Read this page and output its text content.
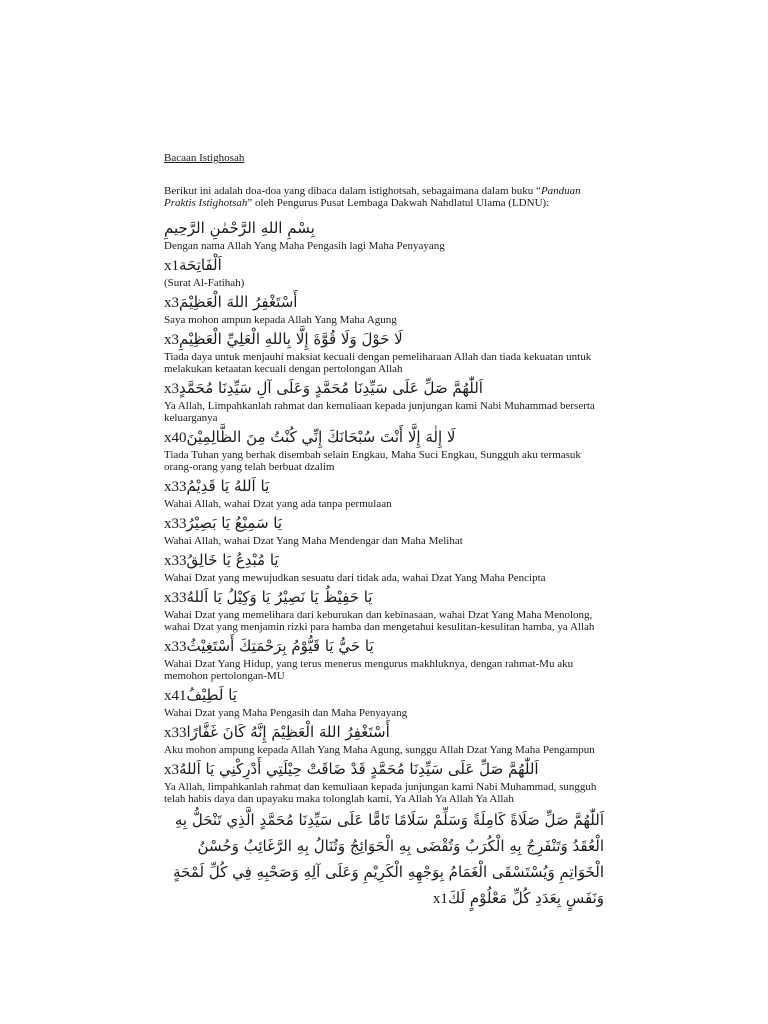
Bacaan Istighosah

Berikut ini adalah doa-doa yang dibaca dalam istighotsah, sebagaimana dalam buku “Panduan Praktis Istighotsah” oleh Pengurus Pusat Lembaga Dakwah Nahdlatul Ulama (LDNU):

بِسْمِ اللهِ الرَّحْمٰنِ الرَّحِيمِ

Dengan nama Allah Yang Maha Pengasih lagi Maha Penyayang

اَلْفَاتِحَةx1

(Surat Al-Fatihah)

أَسْتَغْفِرُ اللهَ الْعَظِيْمَx3

Saya mohon ampun kepada Allah Yang Maha Agung

لَا حَوْلَ وَلَا قُوَّةَ إِلَّا بِاللهِ الْعَلِيِّ الْعَظِيْمِx3

Tiada daya untuk menjauhi maksiat kecuali dengan pemeliharaan Allah dan tiada kekuatan untuk melakukan ketaatan kecuali dengan pertolongan Allah

اَللّٰهُمَّ صَلِّ عَلَى سَيِّدِنَا مُحَمَّدٍ وَعَلَى آلِ سَيِّدِنَا مُحَمَّدٍx3

Ya Allah, Limpahkanlah rahmat dan kemuliaan kepada junjungan kami Nabi Muhammad berserta keluarganya

لَا إِلٰهَ إِلَّا أَنْتَ سُبْحَانَكَ إِنِّي كُنْتُ مِنَ الظَّالِمِيْنَx40

Tiada Tuhan yang berhak disembah selain Engkau, Maha Suci Engkau, Sungguh aku termasuk orang-orang yang telah berbuat dzalim

يَا اَللهُ يَا قَدِيْمُx33

Wahai Allah, wahai Dzat yang ada tanpa permulaan

يَا سَمِيْعُ يَا بَصِيْرُx33

Wahai Allah, wahai Dzat Yang Maha Mendengar dan Maha Melihat

يَا مُبْدِعُ يَا خَالِقُx33

Wahai Dzat yang mewujudkan sesuatu dari tidak ada, wahai Dzat Yang Maha Pencipta

يَا حَفِيْظُ يَا نَصِيْرُ يَا وَكِيْلُ يَا اَللهُx33

Wahai Dzat yang memelihara dari keburukan dan kebinasaan, wahai Dzat Yang Maha Menolong, wahai Dzat yang menjamin rizki para hamba dan mengetahui kesulitan-kesulitan hamba, ya Allah

يَا حَيُّ يَا قَيُّوْمُ بِرَحْمَتِكَ أَسْتَغِيْثُx33

Wahai Dzat Yang Hidup, yang terus menerus mengurus makhluknya, dengan rahmat-Mu aku memohon pertolongan-MU

يَا لَطِيْفُx41

Wahai Dzat yang Maha Pengasih dan Maha Penyayang

أَسْتَغْفِرُ اللهَ الْعَظِيْمَ إِنَّهُ كَانَ غَفَّارًاx33

Aku mohon ampung kepada Allah Yang Maha Agung, sunggu Allah Dzat Yang Maha Pengampun

اَللّٰهُمَّ صَلِّ عَلَى سَيِّدِنَا مُحَمَّدٍ قَدْ ضَاقَتْ حِيْلَتِي أَدْرِكْنِي يَا اَللهُx3

Ya Allah, limpahkanlah rahmat dan kemuliaan kepada junjungan kami Nabi Muhammad, sungguh telah habis daya dan upayaku maka tolonglah kami, Ya Allah Ya Allah Ya Allah

اَللّٰهُمَّ صَلِّ صَلَاةً كَامِلَةً وَسَلِّمْ سَلَامًا تَامًّا عَلَى سَيِّدِنَا مُحَمَّدٍ الَّذِي تَنْحَلُّ بِهِ الْعُقَدُ وَتَنْفَرِجُ بِهِ الْكُرَبُ وَتُقْضَى بِهِ الْحَوَائِجُ وَتُنَالُ بِهِ الرَّغَائِبُ وَحُسْنُ الْخَوَاتِمِ وَيُسْتَسْقَى الْغَمَامُ بِوَجْهِهِ الْكَرِيْمِ وَعَلَى آلِهِ وَصَحْبِهِ فِي كُلِّ لَمْحَةٍ وَنَفَسٍ بِعَدَدِ كُلِّ مَعْلُوْمٍ لَكَx1
